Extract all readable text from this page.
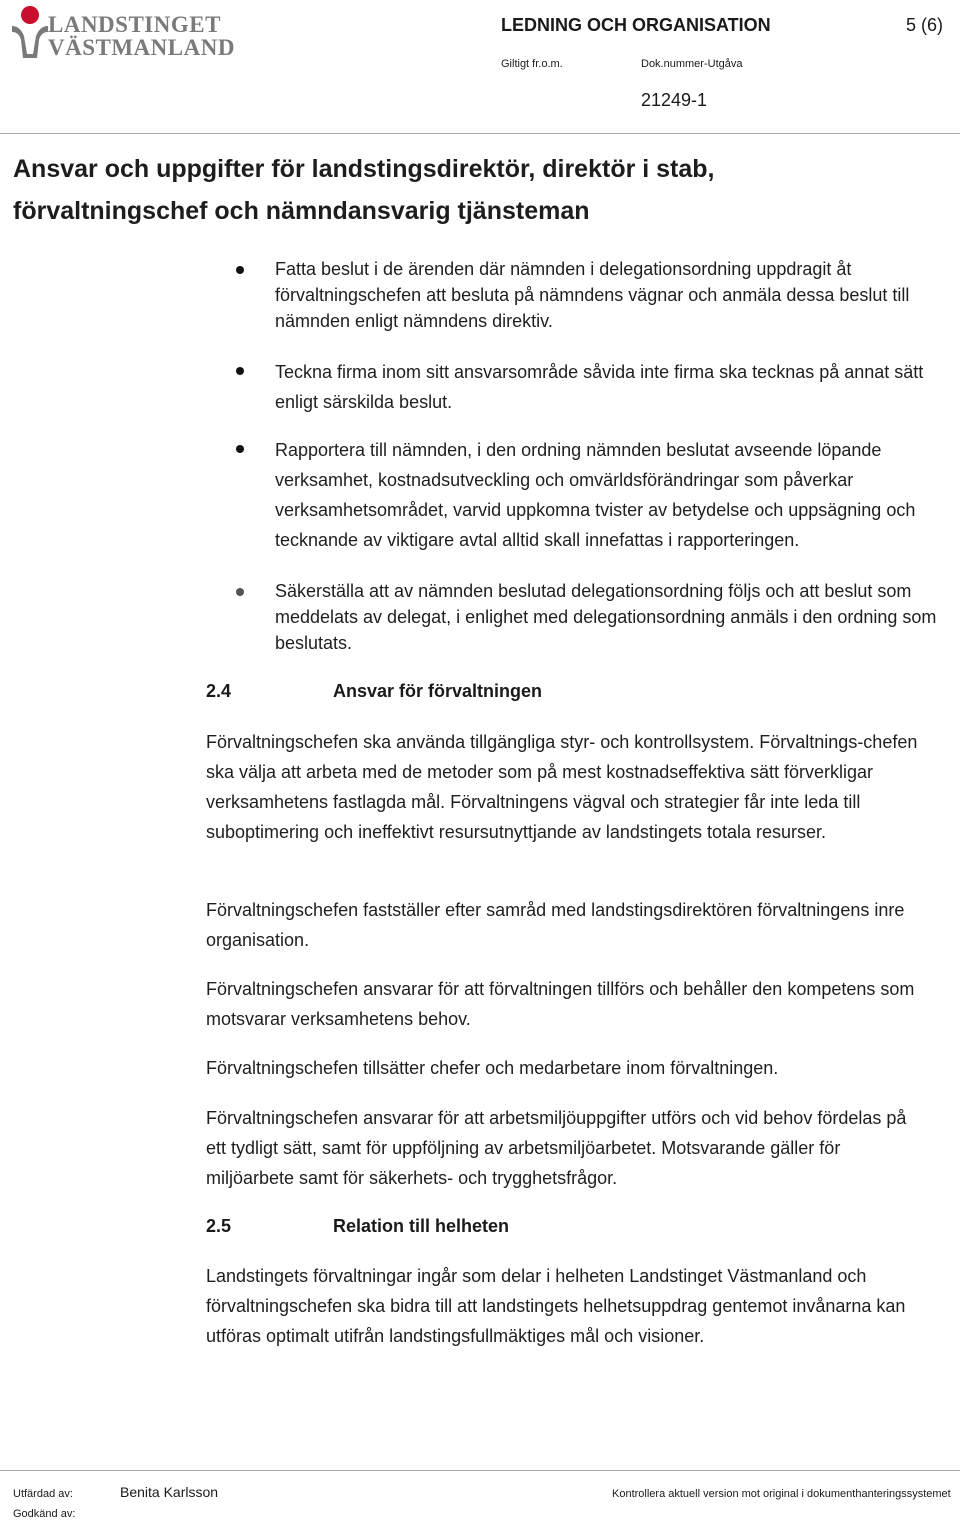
LANDSTINGET
VÄSTMANLAND
LEDNING OCH ORGANISATION	5 (6)
Giltigt fr.o.m.	Dok.nummer-Utgåva
21249-1
Ansvar och uppgifter för landstingsdirektör, direktör i stab, förvaltningschef och nämndansvarig tjänsteman
Fatta beslut i de ärenden där nämnden i delegationsordning uppdragit åt förvaltningschefen att besluta på nämndens vägnar och anmäla dessa beslut till nämnden enligt nämndens direktiv.
Teckna firma inom sitt ansvarsområde såvida inte firma ska tecknas på annat sätt enligt särskilda beslut.
Rapportera till nämnden, i den ordning nämnden beslutat avseende löpande verksamhet, kostnadsutveckling och omvärldsförändringar som påverkar verksamhetsområdet, varvid uppkomna tvister av betydelse och uppsägning och tecknande av viktigare avtal alltid skall innefattas i rapporteringen.
Säkerställa att av nämnden beslutad delegationsordning följs och att beslut som meddelats av delegat, i enlighet med delegationsordning anmäls i den ordning som beslutats.
2.4	Ansvar för förvaltningen
Förvaltningschefen ska använda tillgängliga styr- och kontrollsystem. Förvaltnings-chefen ska välja att arbeta med de metoder som på mest kostnadseffektiva sätt förverkligar verksamhetens fastlagda mål. Förvaltningens vägval och strategier får inte leda till suboptimering och ineffektivt resursutnyttjande av landstingets totala resurser.
Förvaltningschefen fastställer efter samråd med landstingsdirektören förvaltningens inre organisation.
Förvaltningschefen ansvarar för att förvaltningen tillförs och behåller den kompetens som motsvarar verksamhetens behov.
Förvaltningschefen tillsätter chefer och medarbetare inom förvaltningen.
Förvaltningschefen ansvarar för att arbetsmiljöuppgifter utförs och vid behov fördelas på ett tydligt sätt, samt för uppföljning av arbetsmiljöarbetet. Motsvarande gäller för miljöarbete samt för säkerhets- och trygghetsfrågor.
2.5	Relation till helheten
Landstingets förvaltningar ingår som delar i helheten Landstinget Västmanland och förvaltningschefen ska bidra till att landstingets helhetsuppdrag gentemot invånarna kan utföras optimalt utifrån landstingsfullmäktiges mål och visioner.
Utfärdad av:	Benita Karlsson
Godkänd av:
Kontrollera aktuell version mot original i dokumenthanteringssystemet
